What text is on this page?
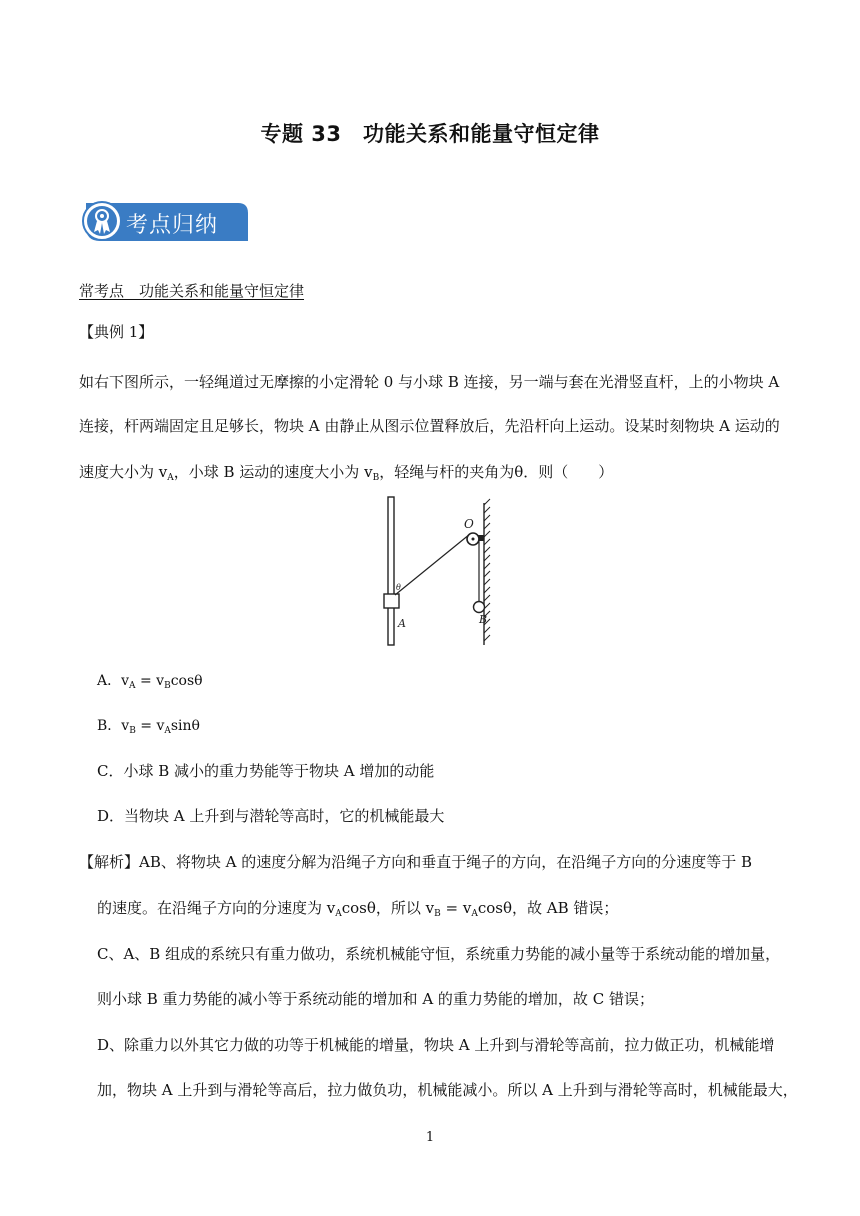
专题 33　功能关系和能量守恒定律
考点归纳
常考点　功能关系和能量守恒定律
【典例 1】
如右下图所示，一轻绳道过无摩擦的小定滑轮 0 与小球 B 连接，另一端与套在光滑竖直杆，上的小物块 A
连接，杆两端固定且足够长，物块 A 由静止从图示位置释放后，先沿杆向上运动。设某时刻物块 A 运动的
速度大小为 $v_A$，小球 B 运动的速度大小为 $v_B$，轻绳与杆的夹角为θ．则（　　）
O
A	B
θ
A．$v_A = v_B\cos\theta$
B．$v_B = v_A\sin\theta$
C．小球 B 减小的重力势能等于物块 A 增加的动能
D．当物块 A 上升到与潜轮等高时，它的机械能最大
【解析】AB、将物块 A 的速度分解为沿绳子方向和垂直于绳子的方向，在沿绳子方向的分速度等于 B
的速度。在沿绳子方向的分速度为 $v_A\cos\theta$，所以 $v_B = v_A\cos\theta$，故 AB 错误；
C、A、B 组成的系统只有重力做功，系统机械能守恒，系统重力势能的减小量等于系统动能的增加量，
则小球 B 重力势能的减小等于系统动能的增加和 A 的重力势能的增加，故 C 错误；
D、除重力以外其它力做的功等于机械能的增量，物块 A 上升到与滑轮等高前，拉力做正功，机械能增
加，物块 A 上升到与滑轮等高后，拉力做负功，机械能减小。所以 A 上升到与滑轮等高时，机械能最大，
1
